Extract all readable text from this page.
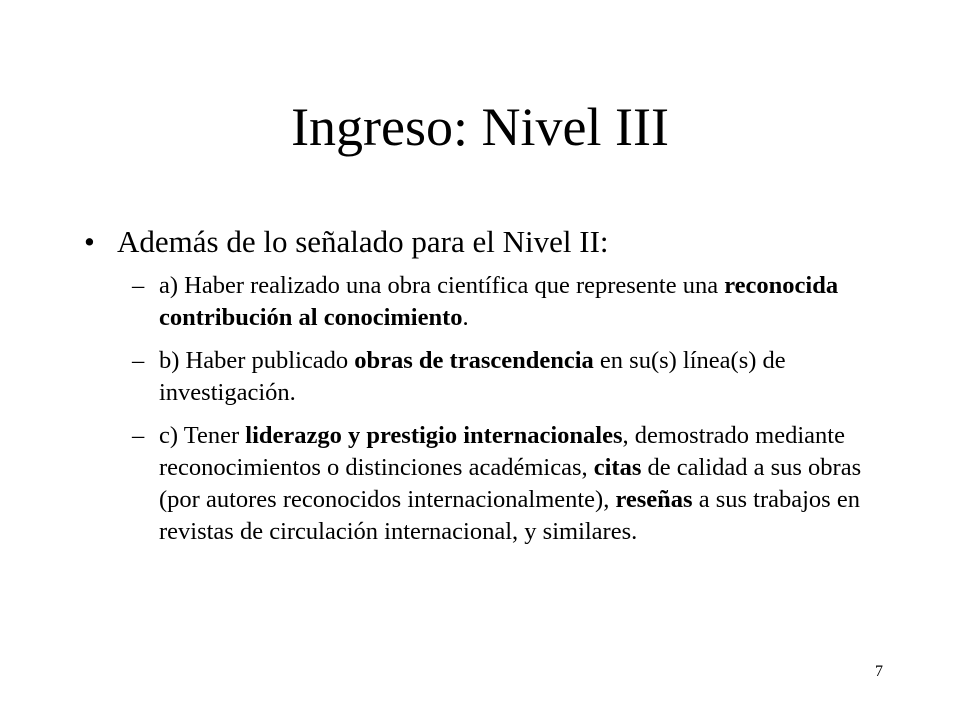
Ingreso: Nivel III
• Además de lo señalado para el Nivel II:
– a) Haber realizado una obra científica que represente una reconocida contribución al conocimiento.
– b) Haber publicado obras de trascendencia en su(s) línea(s) de investigación.
– c) Tener liderazgo y prestigio internacionales, demostrado mediante reconocimientos o distinciones académicas, citas de calidad a sus obras (por autores reconocidos internacionalmente), reseñas a sus trabajos en revistas de circulación internacional, y similares.
7
